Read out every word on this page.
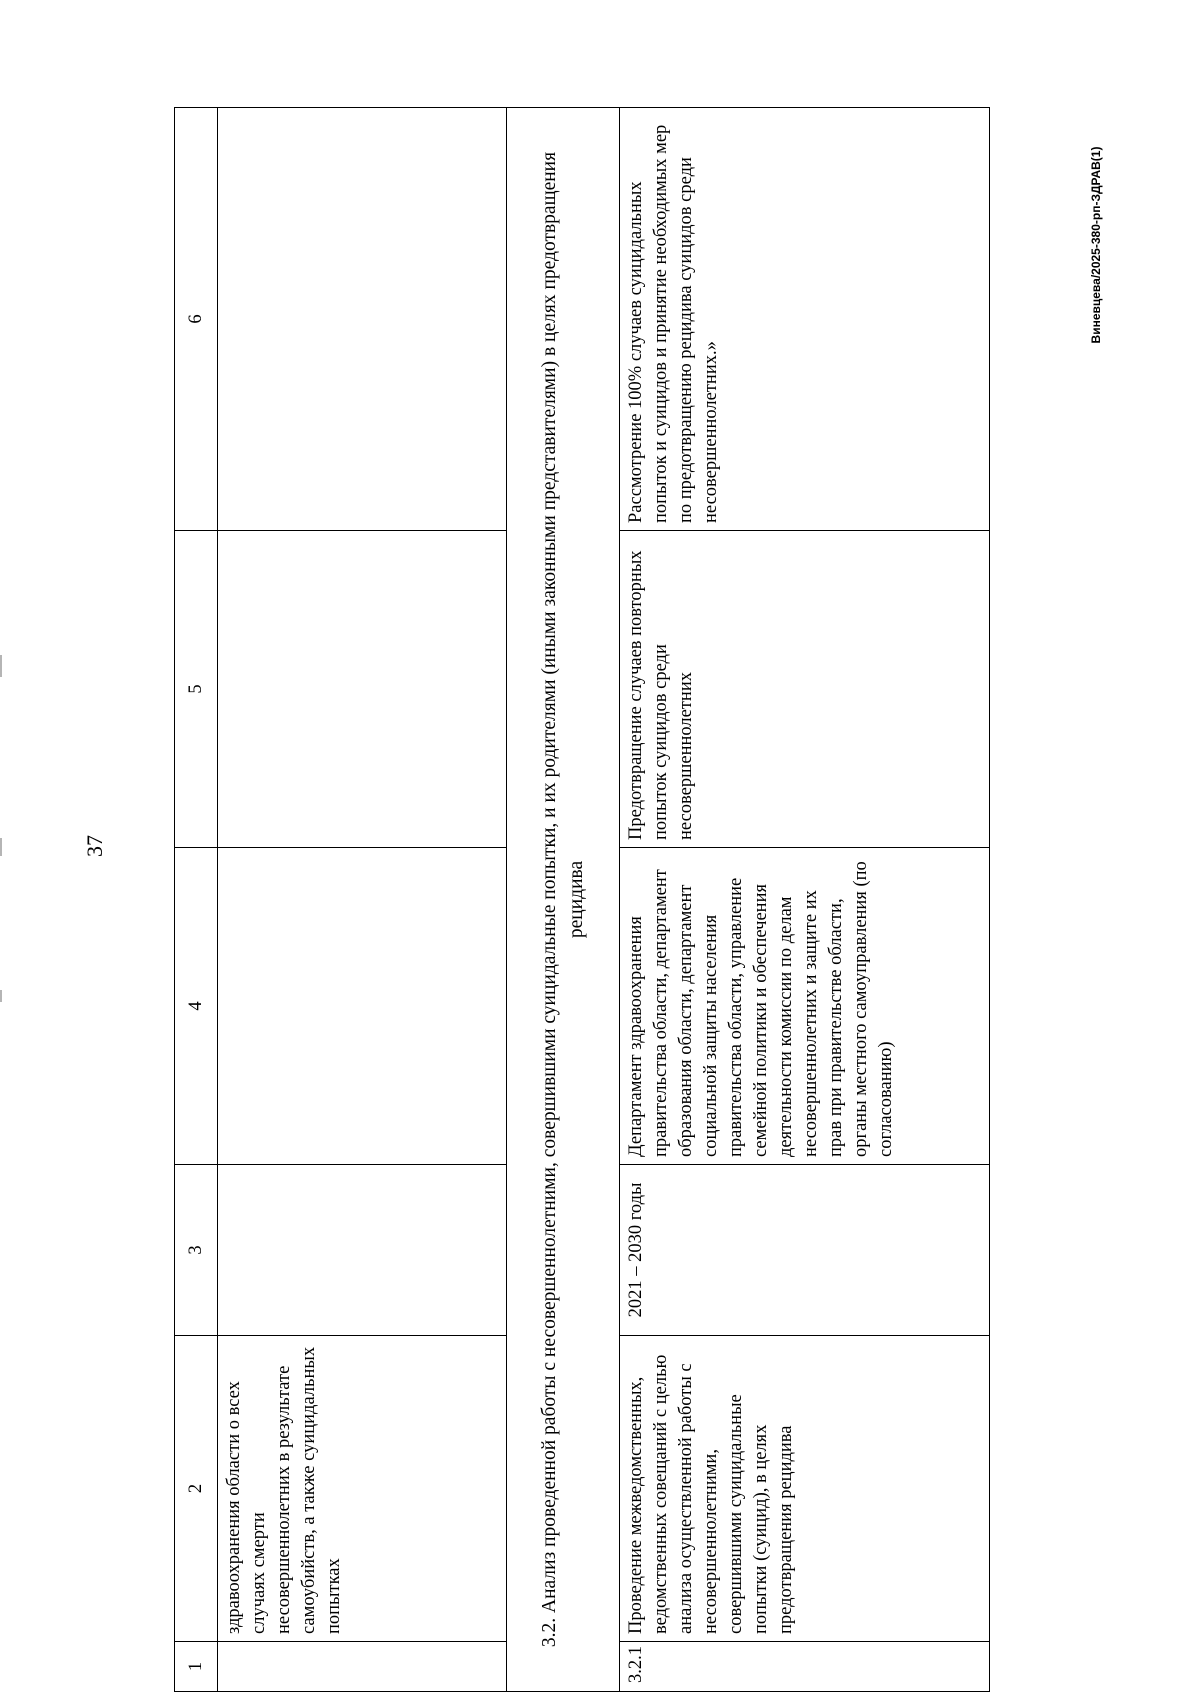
37
1	2	3	4	5	6
	здравоохранения области о всех случаях смерти несовершеннолетних в результате самоубийств, а также суицидальных попытках				
3.2. Анализ проведенной работы с несовершеннолетними, совершившими суицидальные попытки, и их родителями (иными законными представителями) в целях предотвращения рецидива					
3.2.1	Проведение межведомственных, ведомственных совещаний с целью анализа осуществленной работы с несовершеннолетними, совершившими суицидальные попытки (суицид), в целях предотвращения рецидива	2021 – 2030 годы	Департамент здравоохранения правительства области, департамент образования области, департамент социальной защиты населения правительства области, управление семейной политики и обеспечения деятельности комиссии по делам несовершеннолетних и защите их прав при правительстве области, органы местного самоуправления (по согласованию)	Предотвращение случаев повторных попыток суицидов среди несовершеннолетних	Рассмотрение 100% случаев суицидальных попыток и суицидов и принятие необходимых мер по предотвращению рецидива суицидов среди несовершеннолетних.»
Виневцева/2025-380-рп-ЗДРАВ(1)
